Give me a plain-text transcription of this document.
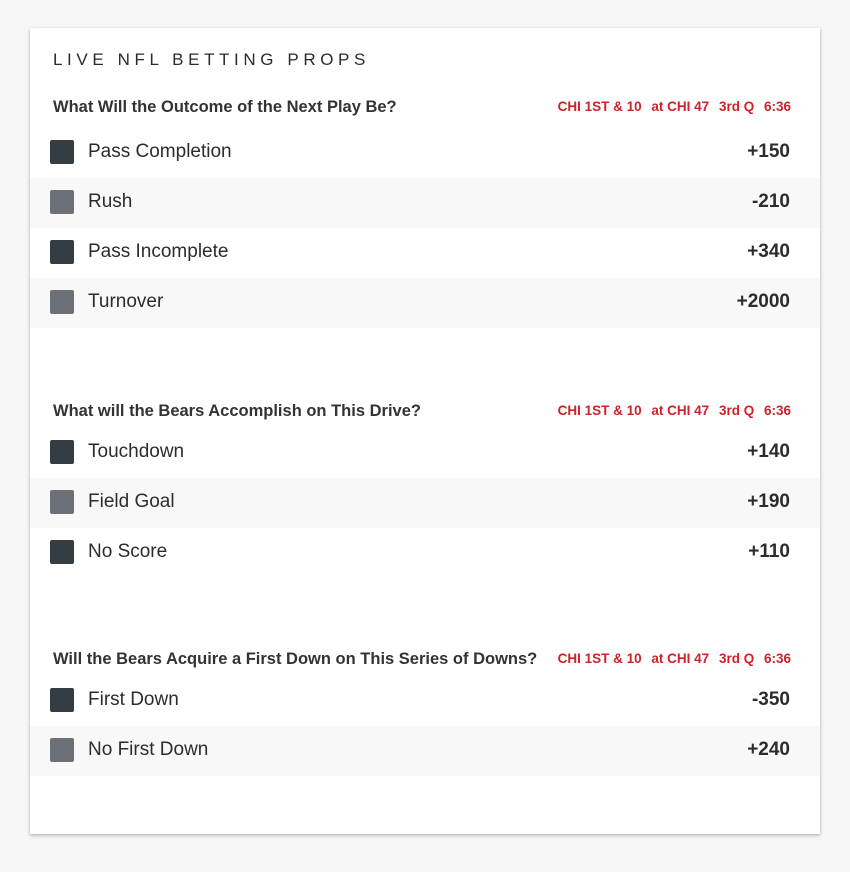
LIVE NFL BETTING PROPS
What Will the Outcome of the Next Play Be?	CHI 1ST & 10 at CHI 47 3rd Q 6:36
Pass Completion	+150
Rush	-210
Pass Incomplete	+340
Turnover	+2000
What will the Bears Accomplish on This Drive?	CHI 1ST & 10 at CHI 47 3rd Q 6:36
Touchdown	+140
Field Goal	+190
No Score	+110
Will the Bears Acquire a First Down on This Series of Downs? CHI 1ST & 10 at CHI 47 3rd Q 6:36
First Down	-350
No First Down	+240
